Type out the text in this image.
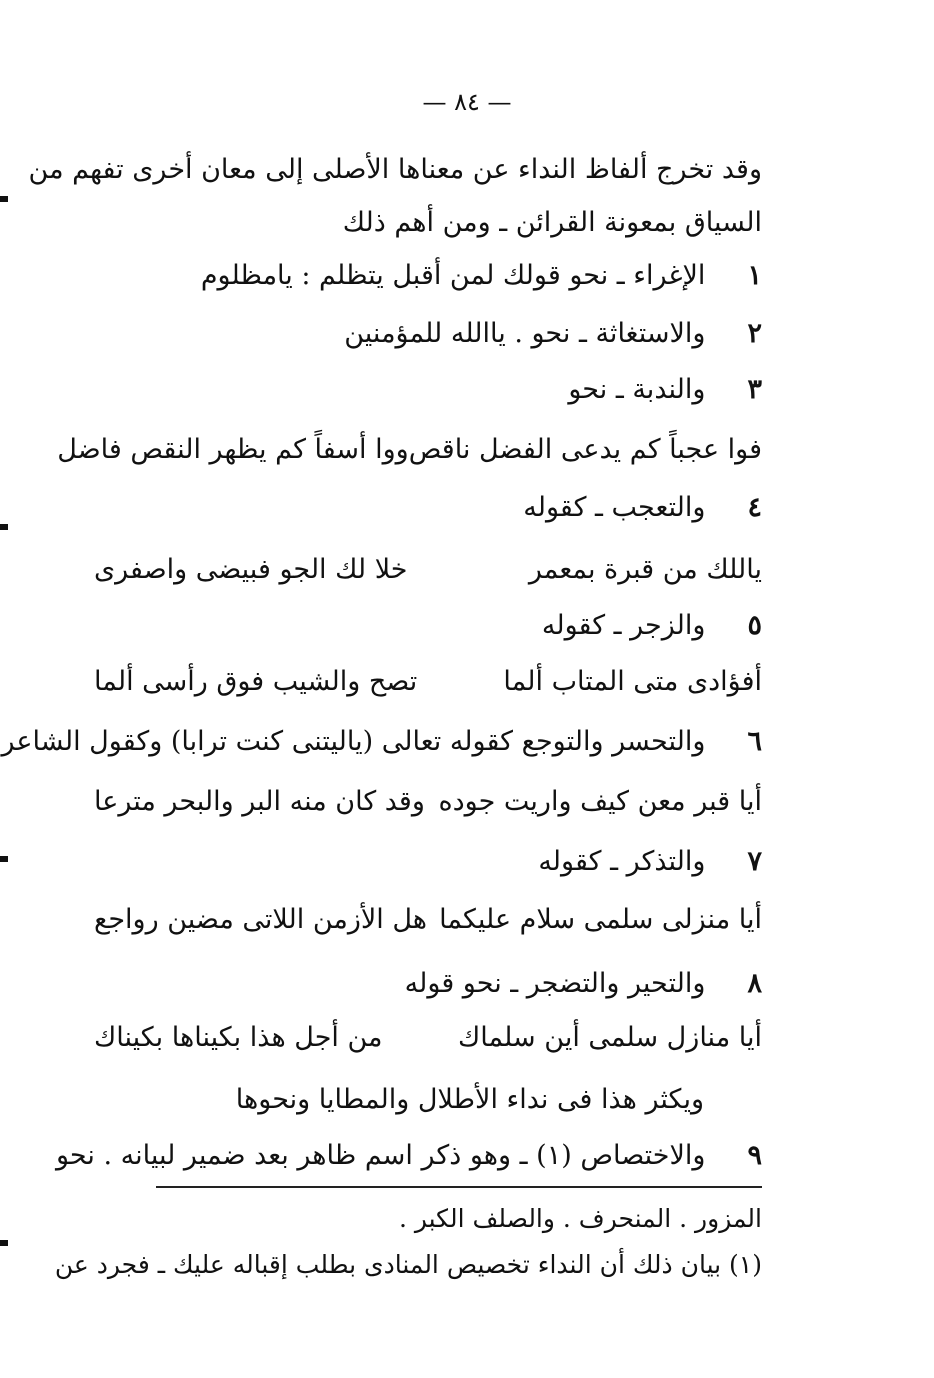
— ٨٤ —
وقد تخرج ألفاظ النداء عن معناها الأصلى إلى معان أخرى تفهم من
السياق بمعونة القرائن ـ ومن أهم ذلك
١ الإغراء ـ نحو قولك لمن أقبل يتظلم : يامظلوم
٢ والاستغاثة ـ نحو . ياالله للمؤمنين
٣ والندبة ـ نحو
فوا عجباً كم يدعى الفضل ناقص
ووا أسفاً كم يظهر النقص فاضل
٤ والتعجب ـ كقوله
ياللك من قبرة بمعمر
خلا لك الجو فبيضى واصفرى
٥ والزجر ـ كقوله
أفؤادى متى المتاب ألما
تصح والشيب فوق رأسى ألما
٦ والتحسر والتوجع كقوله تعالى (ياليتنى كنت ترابا) وكقول الشاعر
أيا قبر معن كيف واريت جوده
وقد كان منه البر والبحر مترعا
٧ والتذكر ـ كقوله
أيا منزلى سلمى سلام عليكما
هل الأزمن اللاتى مضين رواجع
٨ والتحير والتضجر ـ نحو قوله
أيا منازل سلمى أين سلماك
من أجل هذا بكيناها بكيناك
ويكثر هذا فى نداء الأطلال والمطايا ونحوها
٩ والاختصاص (١) ـ وهو ذكر اسم ظاهر بعد ضمير لبيانه . نحو
المزور . المنحرف . والصلف الكبر .
(١) بيان ذلك أن النداء تخصيص المنادى بطلب إقباله عليك ـ فجرد عن
